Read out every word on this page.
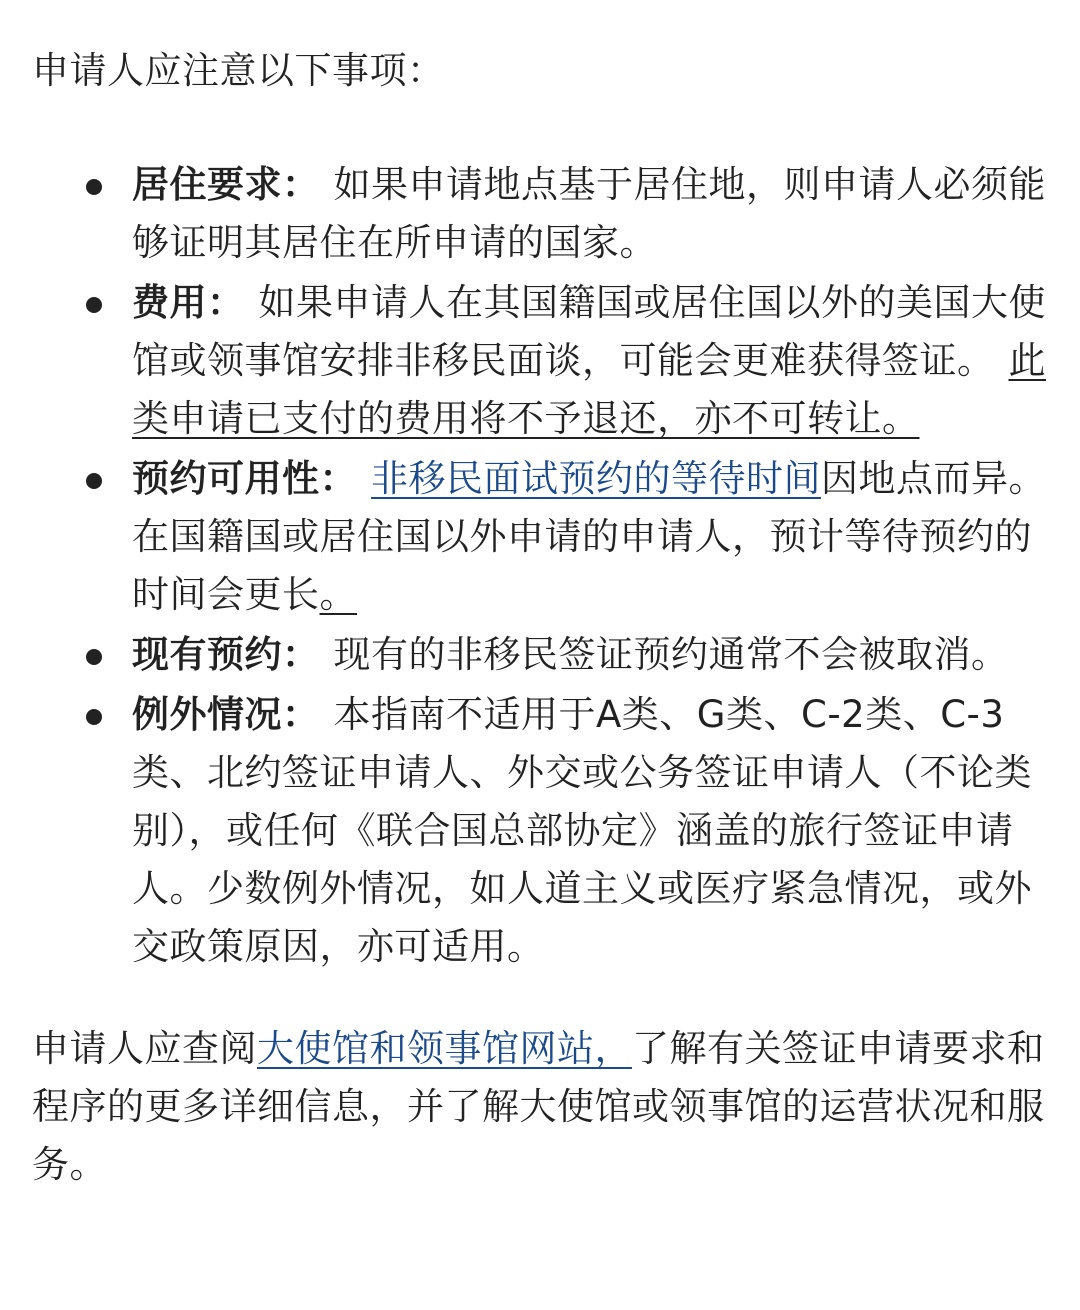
申请人应注意以下事项：

居住要求： 如果申请地点基于居住地，则申请人必须能够证明其居住在所申请的国家。
费用： 如果申请人在其国籍国或居住国以外的美国大使馆或领事馆安排非移民面谈，可能会更难获得签证。 此类申请已支付的费用将不予退还，亦不可转让。
预约可用性： 非移民面试预约的等待时间因地点而异。在国籍国或居住国以外申请的申请人，预计等待预约的时间会更长。
现有预约： 现有的非移民签证预约通常不会被取消。
例外情况： 本指南不适用于A类、G类、C-2类、C-3类、北约签证申请人、外交或公务签证申请人（不论类别），或任何《联合国总部协定》涵盖的旅行签证申请人。少数例外情况，如人道主义或医疗紧急情况，或外交政策原因，亦可适用。

申请人应查阅大使馆和领事馆网站，了解有关签证申请要求和程序的更多详细信息，并了解大使馆或领事馆的运营状况和服务。
